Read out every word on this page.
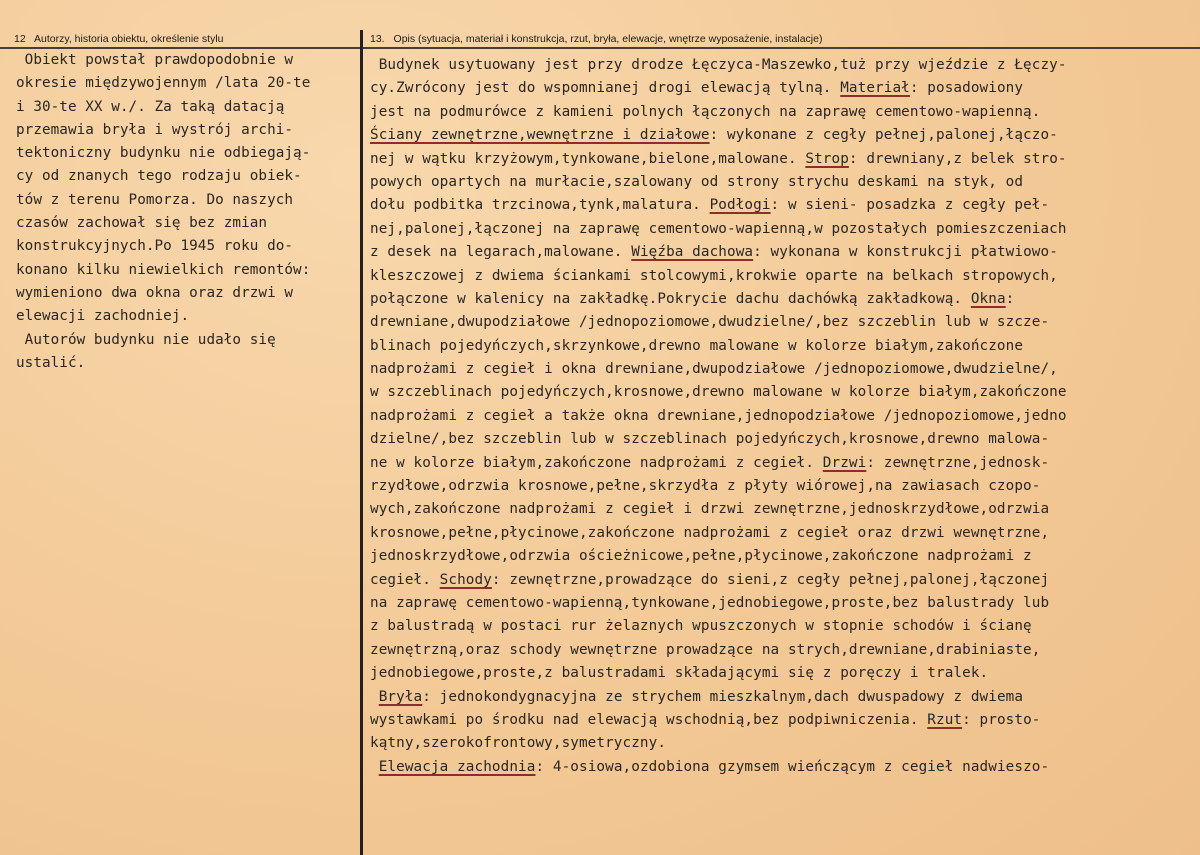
12 Autorzy, historia obiektu, określenie stylu	13. Opis (sytuacja, materiał i konstrukcja, rzut, bryła, elewacje, wnętrze wyposażenie, instalacje)
Obiekt powstał prawdopodobnie w
okresie międzywojennym /lata 20-te
i 30-te XX w./. Za taką datacją
przemawia bryła i wystrój archi-
tektoniczny budynku nie odbiegają-
cy od znanych tego rodzaju obiek-
tów z terenu Pomorza. Do naszych
czasów zachował się bez zmian
konstrukcyjnych.Po 1945 roku do-
konano kilku niewielkich remontów:
wymieniono dwa okna oraz drzwi w
elewacji zachodniej.
Autorów budynku nie udało się
ustalić.
Budynek usytuowany jest przy drodze Łęczyca-Maszewko,tuż przy wjeździe z Łęczy-
cy.Zwrócony jest do wspomnianej drogi elewacją tylną. Materiał: posadowiony
jest na podmurówce z kamieni polnych łączonych na zaprawę cementowo-wapienną.
Ściany zewnętrzne,wewnętrzne i działowe: wykonane z cegły pełnej,palonej,łączo-
nej w wątku krzyżowym,tynkowane,bielone,malowane. Strop: drewniany,z belek stro-
powych opartych na murłacie,szalowany od strony strychu deskami na styk, od
dołu podbitka trzcinowa,tynk,malatura. Podłogi: w sieni- posadzka z cegły peł-
nej,palonej,łączonej na zaprawę cementowo-wapienną,w pozostałych pomieszczeniach
z desek na legarach,malowane. Więźba dachowa: wykonana w konstrukcji płatwiowo-
kleszczowej z dwiema ściankami stolcowymi,krokwie oparte na belkach stropowych,
połączone w kalenicy na zakładkę.Pokrycie dachu dachówką zakładkową. Okna:
drewniane,dwupodziałowe /jednopoziomowe,dwudzielne/,bez szczeblin lub w szcze-
blinach pojedyńczych,skrzynkowe,drewno malowane w kolorze białym,zakończone
nadprożami z cegieł i okna drewniane,dwupodziałowe /jednopoziomowe,dwudzielne/,
w szczeblinach pojedyńczych,krosnowe,drewno malowane w kolorze białym,zakończone
nadprożami z cegieł a także okna drewniane,jednopodziałowe /jednopoziomowe,jedno
dzielne/,bez szczeblin lub w szczeblinach pojedyńczych,krosnowe,drewno malowa-
ne w kolorze białym,zakończone nadprożami z cegieł. Drzwi: zewnętrzne,jednosk-
rzydłowe,odrzwia krosnowe,pełne,skrzydła z płyty wiórowej,na zawiasach czopo-
wych,zakończone nadprożami z cegieł i drzwi zewnętrzne,jednoskrzydłowe,odrzwia
krosnowe,pełne,płycinowe,zakończone nadprożami z cegieł oraz drzwi wewnętrzne,
jednoskrzydłowe,odrzwia ościeżnicowe,pełne,płycinowe,zakończone nadprożami z
cegieł. Schody: zewnętrzne,prowadzące do sieni,z cegły pełnej,palonej,łączonej
na zaprawę cementowo-wapienną,tynkowane,jednobiegowe,proste,bez balustrady lub
z balustradą w postaci rur żelaznych wpuszczonych w stopnie schodów i ścianę
zewnętrzną,oraz schody wewnętrzne prowadzące na strych,drewniane,drabiniaste,
jednobiegowe,proste,z balustradami składającymi się z poręczy i tralek.
Bryła: jednokondygnacyjna ze strychem mieszkalnym,dach dwuspadowy z dwiema
wystawkami po środku nad elewacją wschodnią,bez podpiwniczenia. Rzut: prosto-
kątny,szerokofrontowy,symetryczny.
Elewacja zachodnia: 4-osiowa,ozdobiona gzymsem wieńczącym z cegieł nadwieszo-
